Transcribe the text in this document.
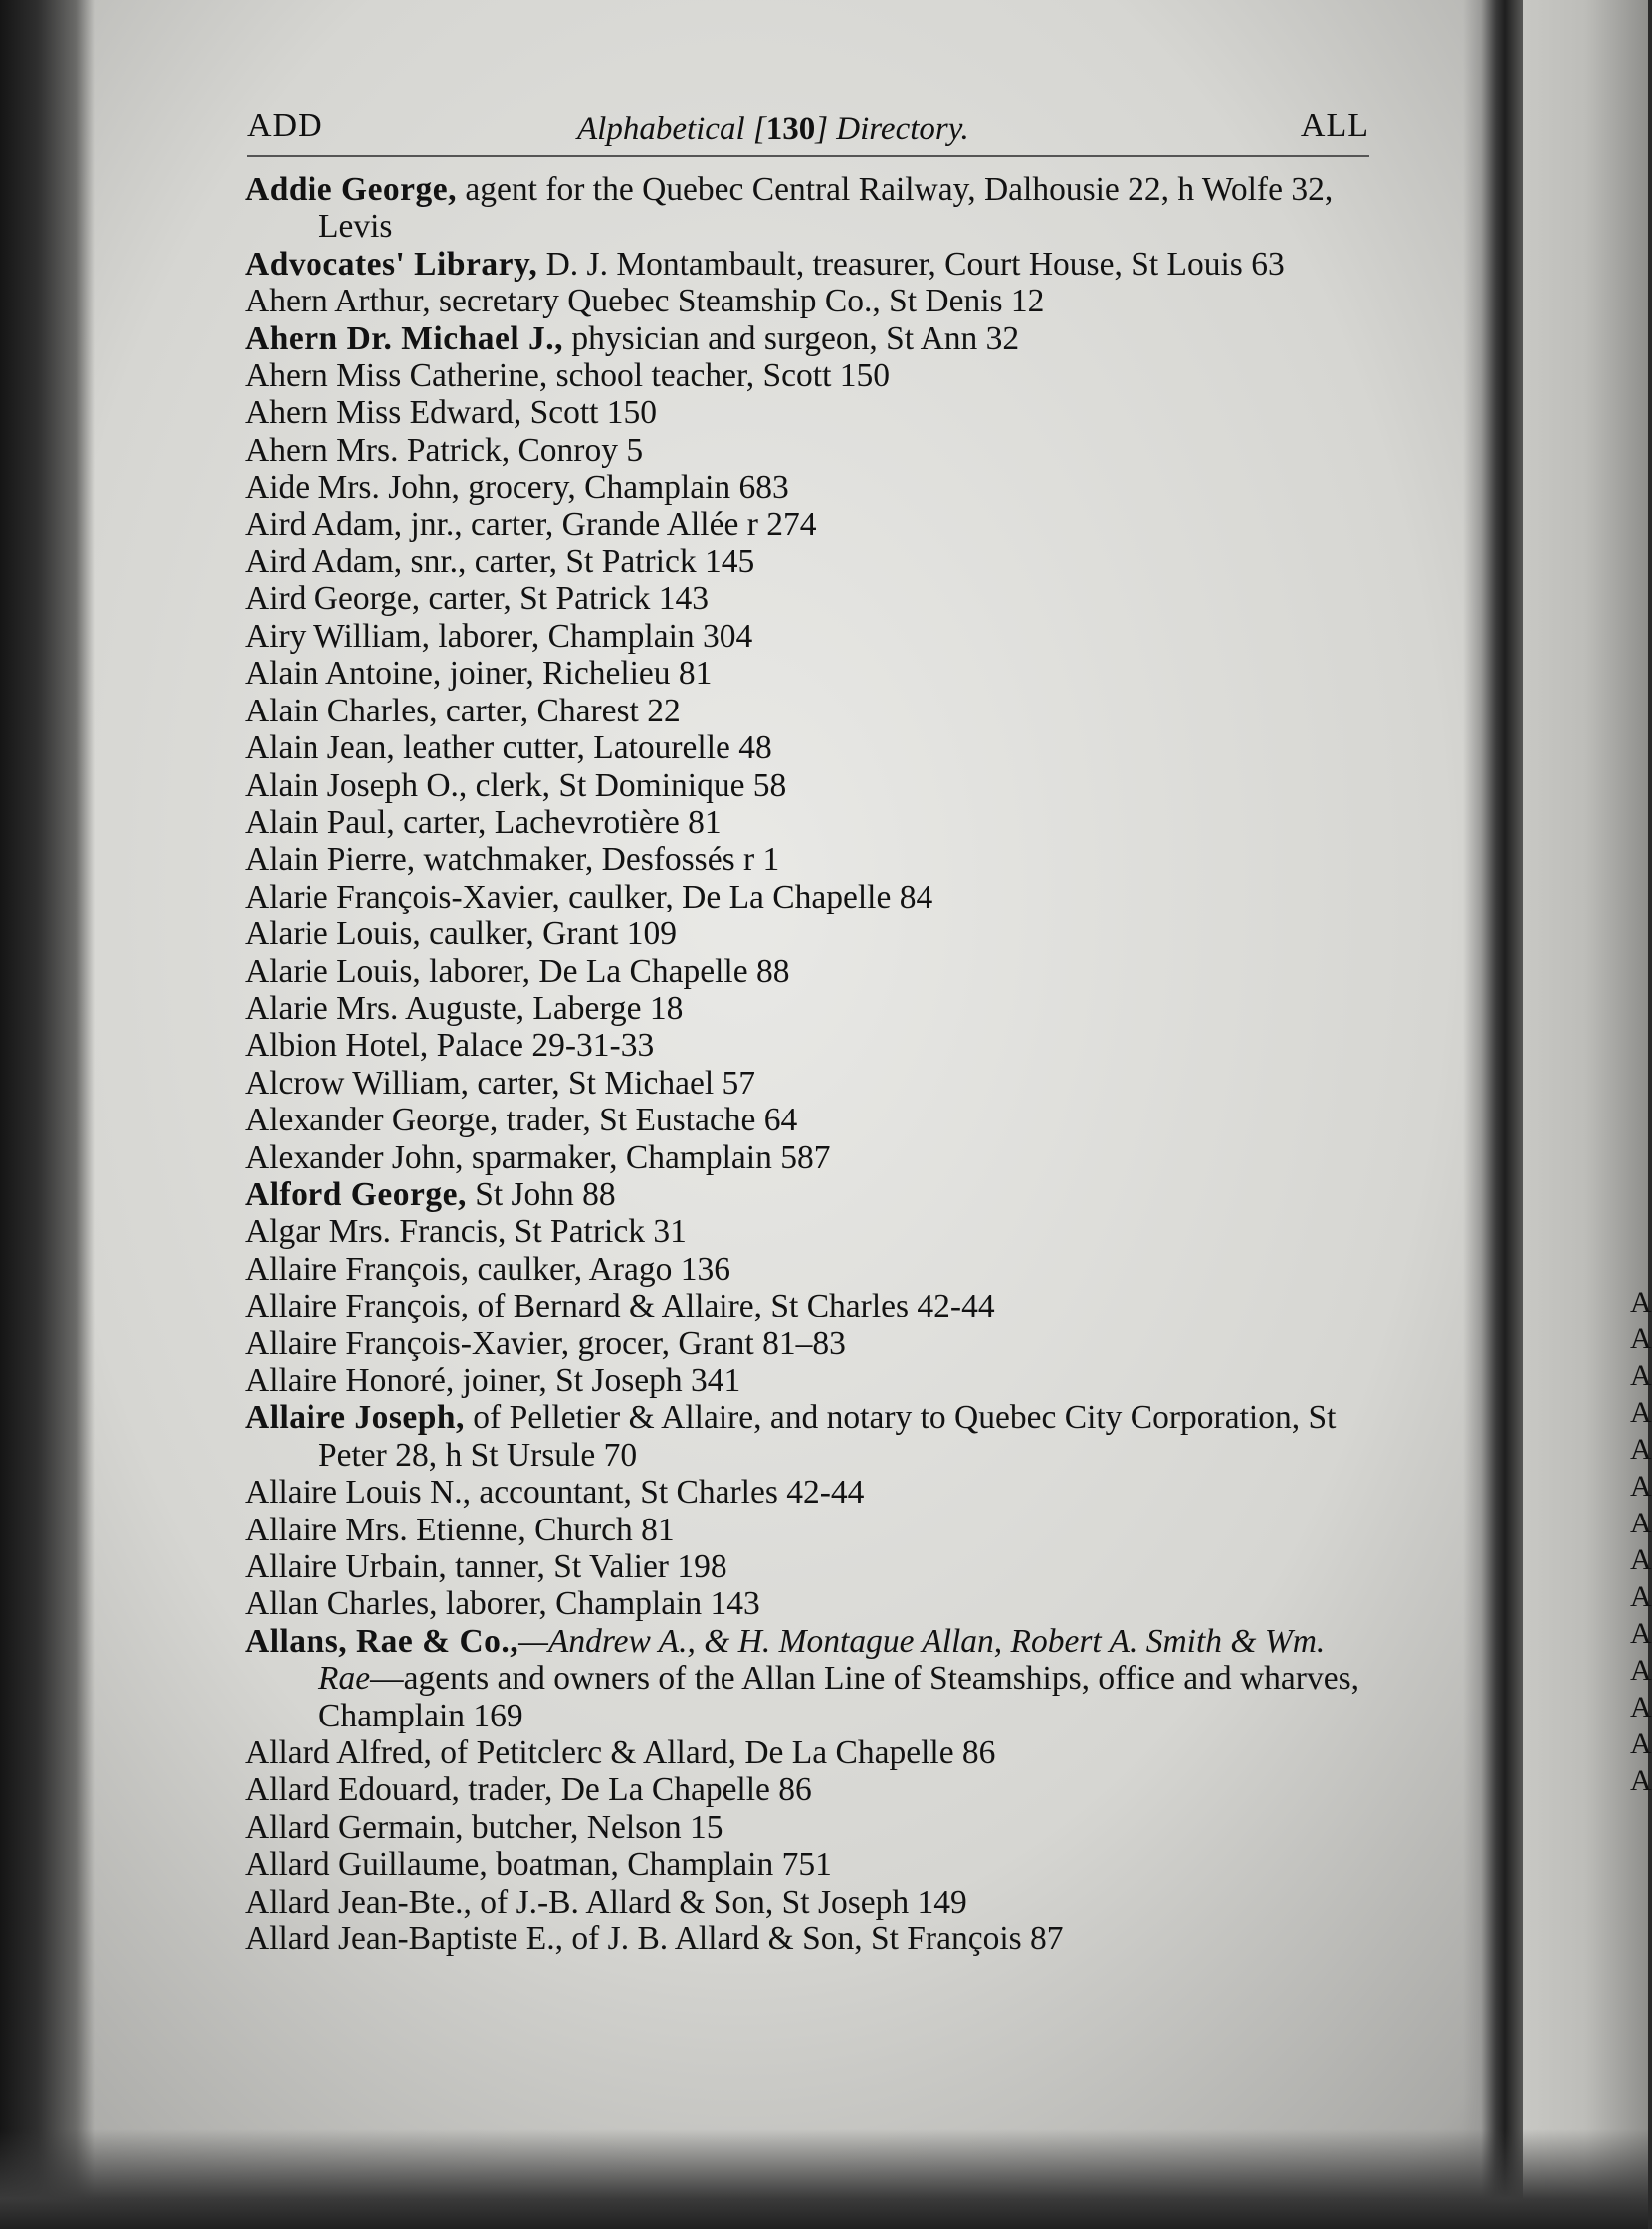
A
A
A
A
A
A
A
A
A
A
A
A
A
A
ADD	Alphabetical [130] Directory.	ALL

Addie George, agent for the Quebec Central Railway, Dalhousie 22, h Wolfe 32, Levis

Advocates' Library, D. J. Montambault, treasurer, Court House, St Louis 63

Ahern Arthur, secretary Quebec Steamship Co., St Denis 12

Ahern Dr. Michael J., physician and surgeon, St Ann 32

Ahern Miss Catherine, school teacher, Scott 150

Ahern Miss Edward, Scott 150

Ahern Mrs. Patrick, Conroy 5

Aide Mrs. John, grocery, Champlain 683

Aird Adam, jnr., carter, Grande Allée r 274

Aird Adam, snr., carter, St Patrick 145

Aird George, carter, St Patrick 143

Airy William, laborer, Champlain 304

Alain Antoine, joiner, Richelieu 81

Alain Charles, carter, Charest 22

Alain Jean, leather cutter, Latourelle 48

Alain Joseph O., clerk, St Dominique 58

Alain Paul, carter, Lachevrotière 81

Alain Pierre, watchmaker, Desfossés r 1

Alarie François-Xavier, caulker, De La Chapelle 84

Alarie Louis, caulker, Grant 109

Alarie Louis, laborer, De La Chapelle 88

Alarie Mrs. Auguste, Laberge 18

Albion Hotel, Palace 29-31-33

Alcrow William, carter, St Michael 57

Alexander George, trader, St Eustache 64

Alexander John, sparmaker, Champlain 587

Alford George, St John 88

Algar Mrs. Francis, St Patrick 31

Allaire François, caulker, Arago 136

Allaire François, of Bernard & Allaire, St Charles 42-44

Allaire François-Xavier, grocer, Grant 81–83

Allaire Honoré, joiner, St Joseph 341

Allaire Joseph, of Pelletier & Allaire, and notary to Quebec City Corporation, St Peter 28, h St Ursule 70

Allaire Louis N., accountant, St Charles 42-44

Allaire Mrs. Etienne, Church 81

Allaire Urbain, tanner, St Valier 198

Allan Charles, laborer, Champlain 143

Allans, Rae & Co.,—Andrew A., & H. Montague Allan, Robert A. Smith & Wm. Rae—agents and owners of the Allan Line of Steamships, office and wharves, Champlain 169

Allard Alfred, of Petitclerc & Allard, De La Chapelle 86

Allard Edouard, trader, De La Chapelle 86

Allard Germain, butcher, Nelson 15

Allard Guillaume, boatman, Champlain 751

Allard Jean-Bte., of J.-B. Allard & Son, St Joseph 149

Allard Jean-Baptiste E., of J. B. Allard & Son, St François 87
